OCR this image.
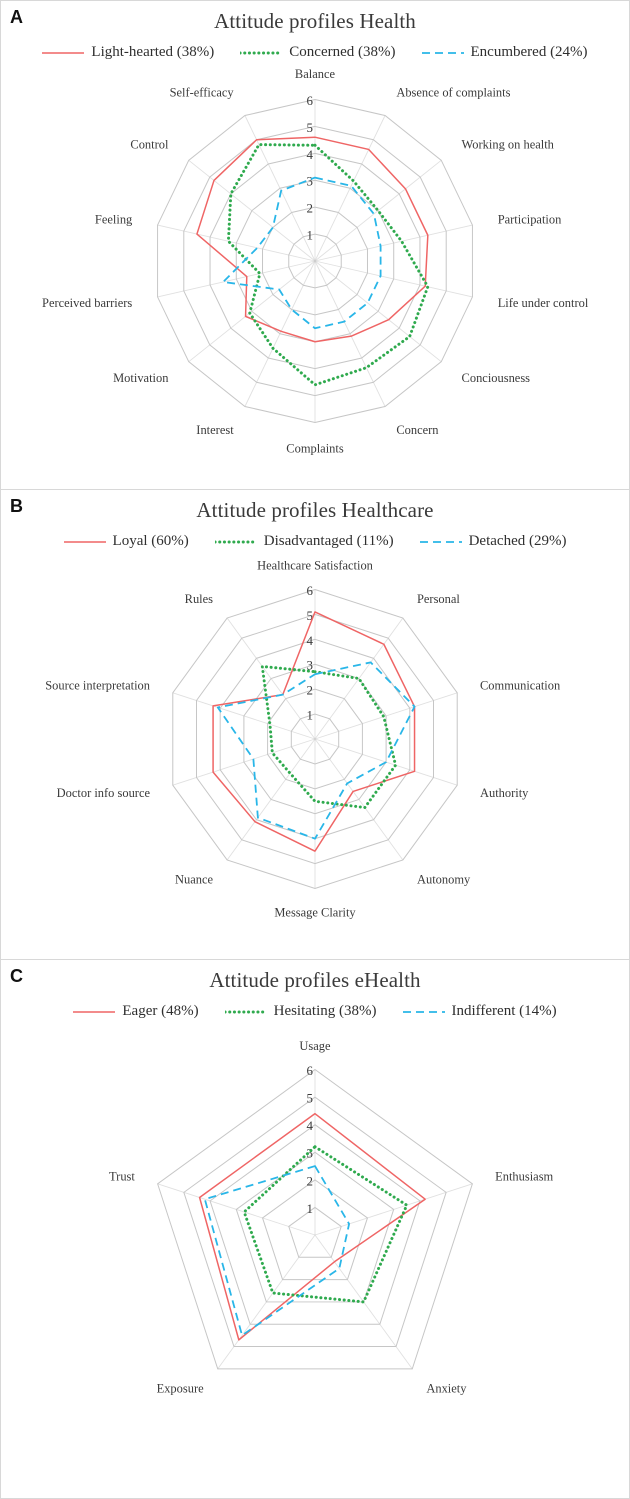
A	Attitude profiles Health
Light-hearted (38%)	Concerned (38%)	Encumbered (24%)
1
2
3
4
5
6
Balance
Absence of complaints
Working on health
Participation
Life under control
Conciousness
Concern
Complaints
Interest
Motivation
Perceived barriers
Feeling
Control
Self-efficacy
B	Attitude profiles Healthcare
Loyal (60%)	Disadvantaged (11%)	Detached (29%)
1
2
3
4
5
6
Healthcare Satisfaction
Personal
Communication
Authority
Autonomy
Message Clarity
Nuance
Doctor info source
Source interpretation
Rules
C	Attitude profiles eHealth
Eager (48%)	Hesitating (38%)	Indifferent (14%)
1
2
3
4
5
6
Usage
Enthusiasm
Anxiety
Exposure
Trust
